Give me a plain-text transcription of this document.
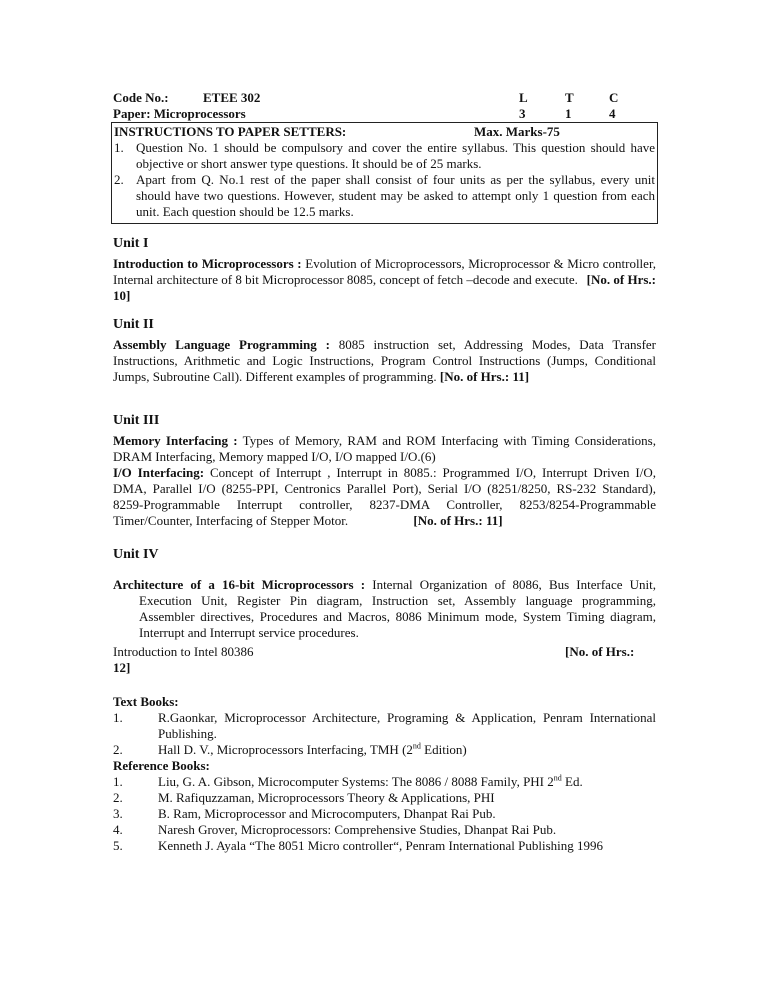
Code No.:	ETEE 302
Paper: Microprocessors
L	T	C
3	1	4
INSTRUCTIONS TO PAPER SETTERS:	Max. Marks-75
1. Question No. 1 should be compulsory and cover the entire syllabus. This question should have objective or short answer type questions. It should be of 25 marks.
2. Apart from Q. No.1 rest of the paper shall consist of four units as per the syllabus, every unit should have two questions. However, student may be asked to attempt only 1 question from each unit. Each question should be 12.5 marks.
Unit I
Introduction to Microprocessors : Evolution of Microprocessors, Microprocessor & Micro controller, Internal architecture of 8 bit Microprocessor 8085, concept of fetch –decode and execute. [No. of Hrs.:
10]
Unit II
Assembly Language Programming : 8085 instruction set, Addressing Modes, Data Transfer Instructions, Arithmetic and Logic Instructions, Program Control Instructions (Jumps, Conditional Jumps, Subroutine Call). Different examples of programming. [No. of Hrs.: 11]
Unit III
Memory Interfacing : Types of Memory, RAM and ROM Interfacing with Timing Considerations, DRAM Interfacing, Memory mapped I/O, I/O mapped I/O.(6)
I/O Interfacing: Concept of Interrupt , Interrupt in 8085.: Programmed I/O, Interrupt Driven I/O, DMA, Parallel I/O (8255-PPI, Centronics Parallel Port), Serial I/O (8251/8250, RS-232 Standard), 8259-Programmable Interrupt controller, 8237-DMA Controller, 8253/8254-Programmable Timer/Counter, Interfacing of Stepper Motor.	[No. of Hrs.: 11]
Unit IV
Architecture of a 16-bit Microprocessors : Internal Organization of 8086, Bus Interface Unit, Execution Unit, Register Pin diagram, Instruction set, Assembly language programming, Assembler directives, Procedures and Macros, 8086 Minimum mode, System Timing diagram, Interrupt and Interrupt service procedures.
Introduction to Intel 80386	[No. of Hrs.:
12]
Text Books:
1.	R.Gaonkar, Microprocessor Architecture, Programing & Application, Penram International Publishing.
2.	Hall D. V., Microprocessors Interfacing, TMH (2nd Edition)
Reference Books:
1.	Liu, G. A. Gibson, Microcomputer Systems: The 8086 / 8088 Family, PHI 2nd Ed.
2.	M. Rafiquzzaman, Microprocessors Theory & Applications, PHI
3.	B. Ram, Microprocessor and Microcomputers, Dhanpat Rai Pub.
4.	Naresh Grover, Microprocessors: Comprehensive Studies, Dhanpat Rai Pub.
5.	Kenneth J. Ayala “The 8051 Micro controller“, Penram International Publishing 1996
